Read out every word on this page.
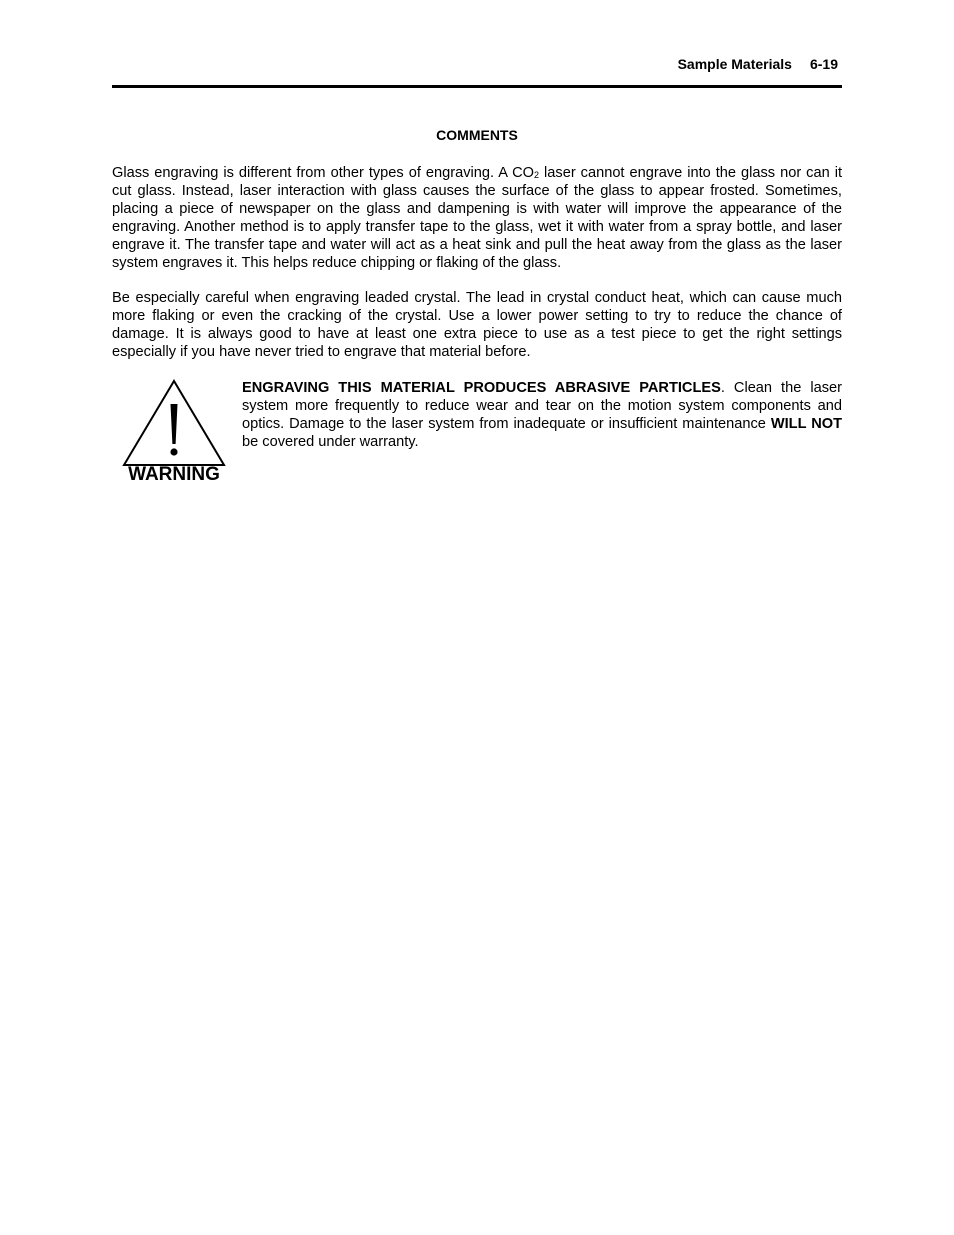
Sample Materials 6-19
COMMENTS

Glass engraving is different from other types of engraving. A $CO_2$ laser cannot engrave into the glass nor can it cut glass. Instead, laser interaction with glass causes the surface of the glass to appear frosted. Sometimes, placing a piece of newspaper on the glass and dampening is with water will improve the appearance of the engraving. Another method is to apply transfer tape to the glass, wet it with water from a spray bottle, and laser engrave it. The transfer tape and water will act as a heat sink and pull the heat away from the glass as the laser system engraves it. This helps reduce chipping or flaking of the glass.

Be especially careful when engraving leaded crystal. The lead in crystal conduct heat, which can cause much more flaking or even the cracking of the crystal. Use a lower power setting to try to reduce the chance of damage. It is always good to have at least one extra piece to use as a test piece to get the right settings especially if you have never tried to engrave that material before.

WARNING

ENGRAVING THIS MATERIAL PRODUCES ABRASIVE PARTICLES. Clean the laser system more frequently to reduce wear and tear on the motion system components and optics. Damage to the laser system from inadequate or insufficient maintenance WILL NOT be covered under warranty.
